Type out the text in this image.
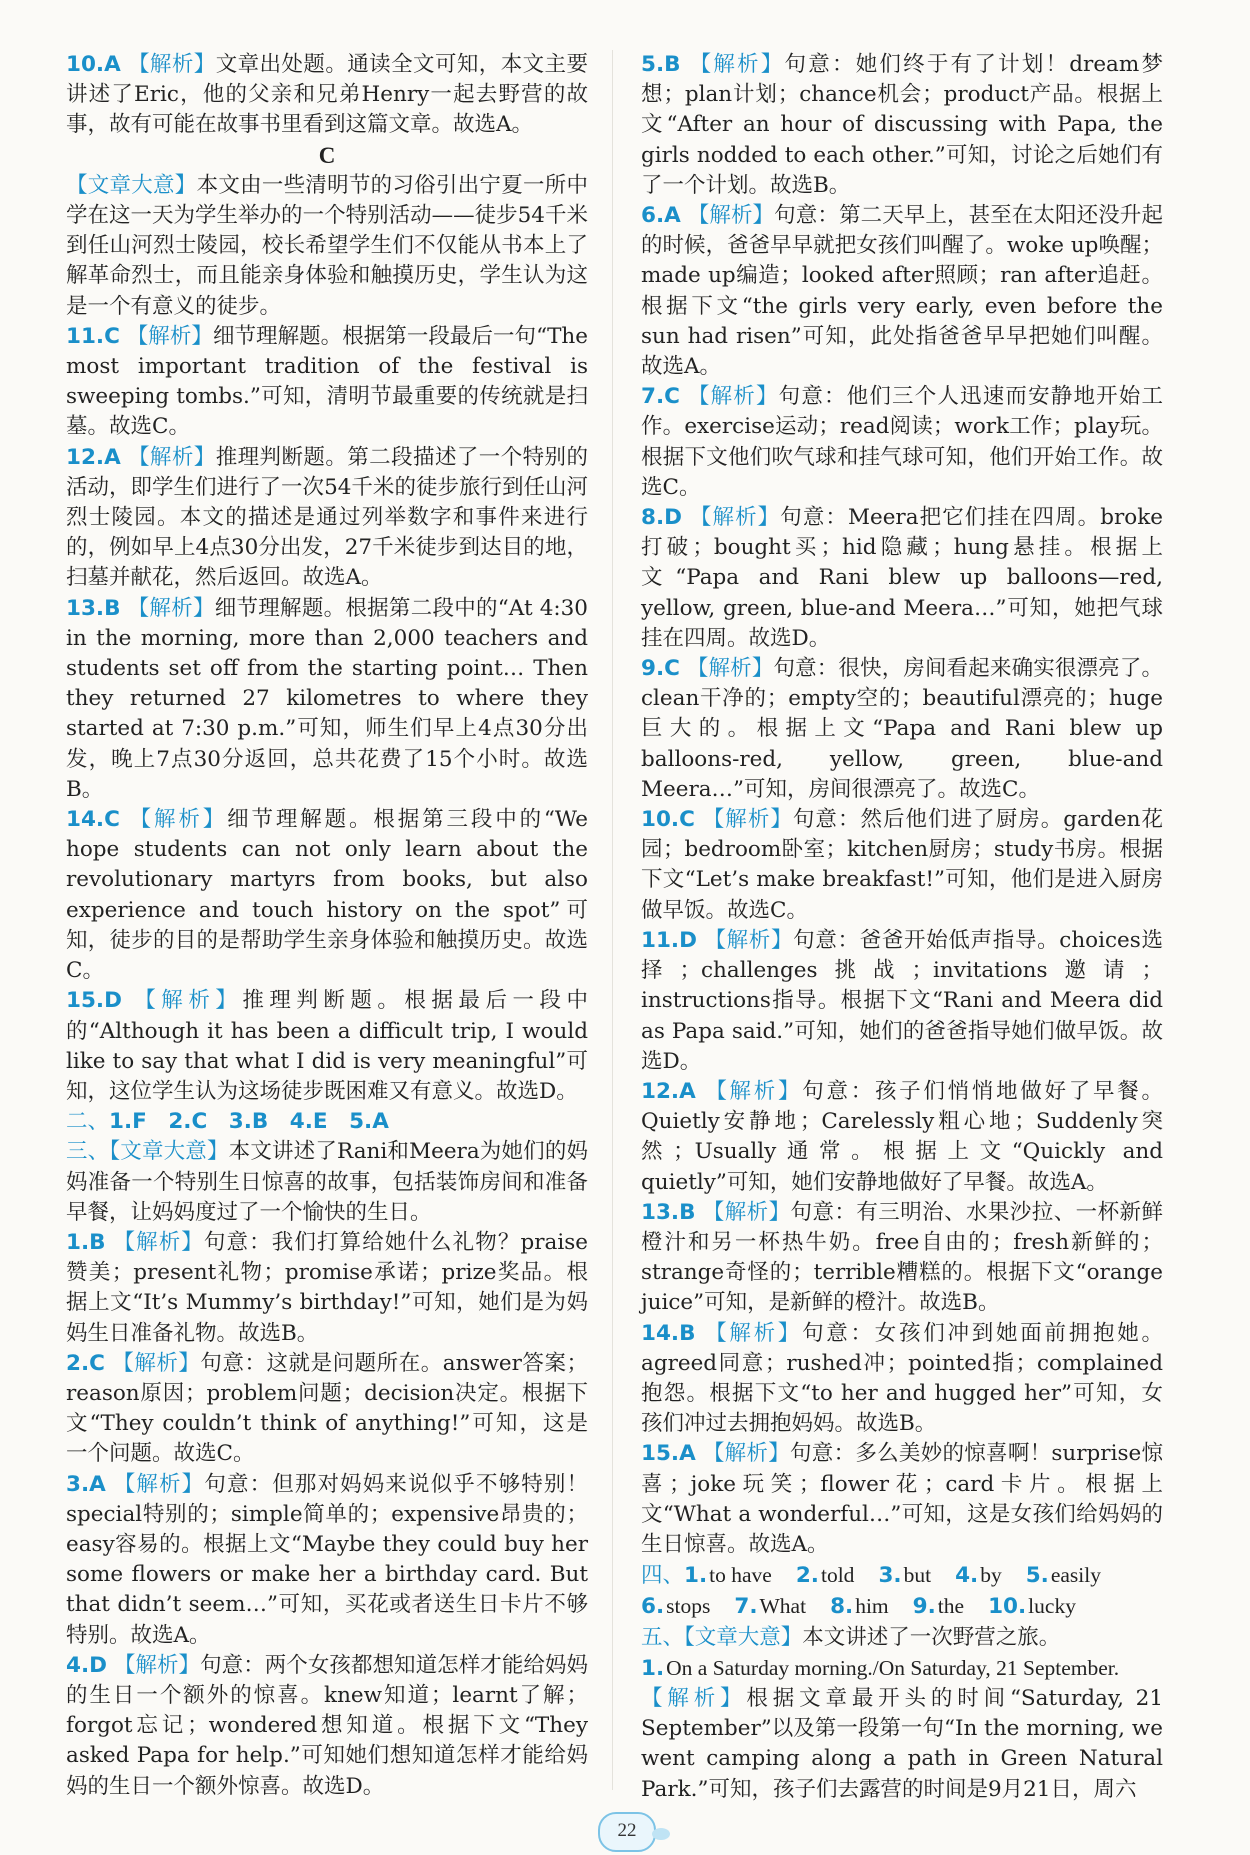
10.A 【解析】文章出处题。通读全文可知，本文主要讲述了Eric，他的父亲和兄弟Henry一起去野营的故事，故有可能在故事书里看到这篇文章。故选A。

C

【文章大意】本文由一些清明节的习俗引出宁夏一所中学在这一天为学生举办的一个特别活动——徒步54千米到任山河烈士陵园，校长希望学生们不仅能从书本上了解革命烈士，而且能亲身体验和触摸历史，学生认为这是一个有意义的徒步。

11.C 【解析】细节理解题。根据第一段最后一句“The most important tradition of the festival is sweeping tombs.”可知，清明节最重要的传统就是扫墓。故选C。

12.A 【解析】推理判断题。第二段描述了一个特别的活动，即学生们进行了一次54千米的徒步旅行到任山河烈士陵园。本文的描述是通过列举数字和事件来进行的，例如早上4点30分出发，27千米徒步到达目的地，扫墓并献花，然后返回。故选A。

13.B 【解析】细节理解题。根据第二段中的“At 4:30 in the morning, more than 2,000 teachers and students set off from the starting point… Then they returned 27 kilometres to where they started at 7:30 p.m.”可知，师生们早上4点30分出发，晚上7点30分返回，总共花费了15个小时。故选B。

14.C 【解析】细节理解题。根据第三段中的“We hope students can not only learn about the revolutionary martyrs from books, but also experience and touch history on the spot”可知，徒步的目的是帮助学生亲身体验和触摸历史。故选C。

15.D 【解析】推理判断题。根据最后一段中的“Although it has been a difficult trip, I would like to say that what I did is very meaningful”可知，这位学生认为这场徒步既困难又有意义。故选D。

二、1.F　2.C　3.B　4.E　5.A

三、【文章大意】本文讲述了Rani和Meera为她们的妈妈准备一个特别生日惊喜的故事，包括装饰房间和准备早餐，让妈妈度过了一个愉快的生日。

1.B 【解析】句意：我们打算给她什么礼物？praise赞美；present礼物；promise承诺；prize奖品。根据上文“It’s Mummy’s birthday!”可知，她们是为妈妈生日准备礼物。故选B。

2.C 【解析】句意：这就是问题所在。answer答案；reason原因；problem问题；decision决定。根据下文“They couldn’t think of anything!”可知，这是一个问题。故选C。

3.A 【解析】句意：但那对妈妈来说似乎不够特别！special特别的；simple简单的；expensive昂贵的；easy容易的。根据上文“Maybe they could buy her some flowers or make her a birthday card. But that didn’t seem…”可知，买花或者送生日卡片不够特别。故选A。

4.D 【解析】句意：两个女孩都想知道怎样才能给妈妈的生日一个额外的惊喜。knew知道；learnt了解；forgot忘记；wondered想知道。根据下文“They asked Papa for help.”可知她们想知道怎样才能给妈妈的生日一个额外惊喜。故选D。

5.B 【解析】句意：她们终于有了计划！dream梦想；plan计划；chance机会；product产品。根据上文“After an hour of discussing with Papa, the girls nodded to each other.”可知，讨论之后她们有了一个计划。故选B。

6.A 【解析】句意：第二天早上，甚至在太阳还没升起的时候，爸爸早早就把女孩们叫醒了。woke up唤醒；made up编造；looked after照顾；ran after追赶。根据下文“the girls very early, even before the sun had risen”可知，此处指爸爸早早把她们叫醒。故选A。

7.C 【解析】句意：他们三个人迅速而安静地开始工作。exercise运动；read阅读；work工作；play玩。根据下文他们吹气球和挂气球可知，他们开始工作。故选C。

8.D 【解析】句意：Meera把它们挂在四周。broke打破；bought买；hid隐藏；hung悬挂。根据上文“Papa and Rani blew up balloons—red, yellow, green, blue-and Meera…”可知，她把气球挂在四周。故选D。

9.C 【解析】句意：很快，房间看起来确实很漂亮了。clean干净的；empty空的；beautiful漂亮的；huge巨大的。根据上文“Papa and Rani blew up balloons-red, yellow, green, blue-and Meera…”可知，房间很漂亮了。故选C。

10.C 【解析】句意：然后他们进了厨房。garden花园；bedroom卧室；kitchen厨房；study书房。根据下文“Let’s make breakfast!”可知，他们是进入厨房做早饭。故选C。

11.D 【解析】句意：爸爸开始低声指导。choices选择；challenges挑战；invitations邀请；instructions指导。根据下文“Rani and Meera did as Papa said.”可知，她们的爸爸指导她们做早饭。故选D。

12.A 【解析】句意：孩子们悄悄地做好了早餐。Quietly安静地；Carelessly粗心地；Suddenly突然；Usually通常。根据上文“Quickly and quietly”可知，她们安静地做好了早餐。故选A。

13.B 【解析】句意：有三明治、水果沙拉、一杯新鲜橙汁和另一杯热牛奶。free自由的；fresh新鲜的；strange奇怪的；terrible糟糕的。根据下文“orange juice”可知，是新鲜的橙汁。故选B。

14.B 【解析】句意：女孩们冲到她面前拥抱她。agreed同意；rushed冲；pointed指；complained抱怨。根据下文“to her and hugged her”可知，女孩们冲过去拥抱妈妈。故选B。

15.A 【解析】句意：多么美妙的惊喜啊！surprise惊喜；joke玩笑；flower花；card卡片。根据上文“What a wonderful…”可知，这是女孩们给妈妈的生日惊喜。故选A。

四、1.to have 2.told 3.but 4.by 5.easily

6.stops 7.What 8.him 9.the 10.lucky

五、【文章大意】本文讲述了一次野营之旅。

1.On a Saturday morning./On Saturday, 21 September.

【解析】根据文章最开头的时间“Saturday, 21 September”以及第一段第一句“In the morning, we went camping along a path in Green Natural Park.”可知，孩子们去露营的时间是9月21日，周六

22
